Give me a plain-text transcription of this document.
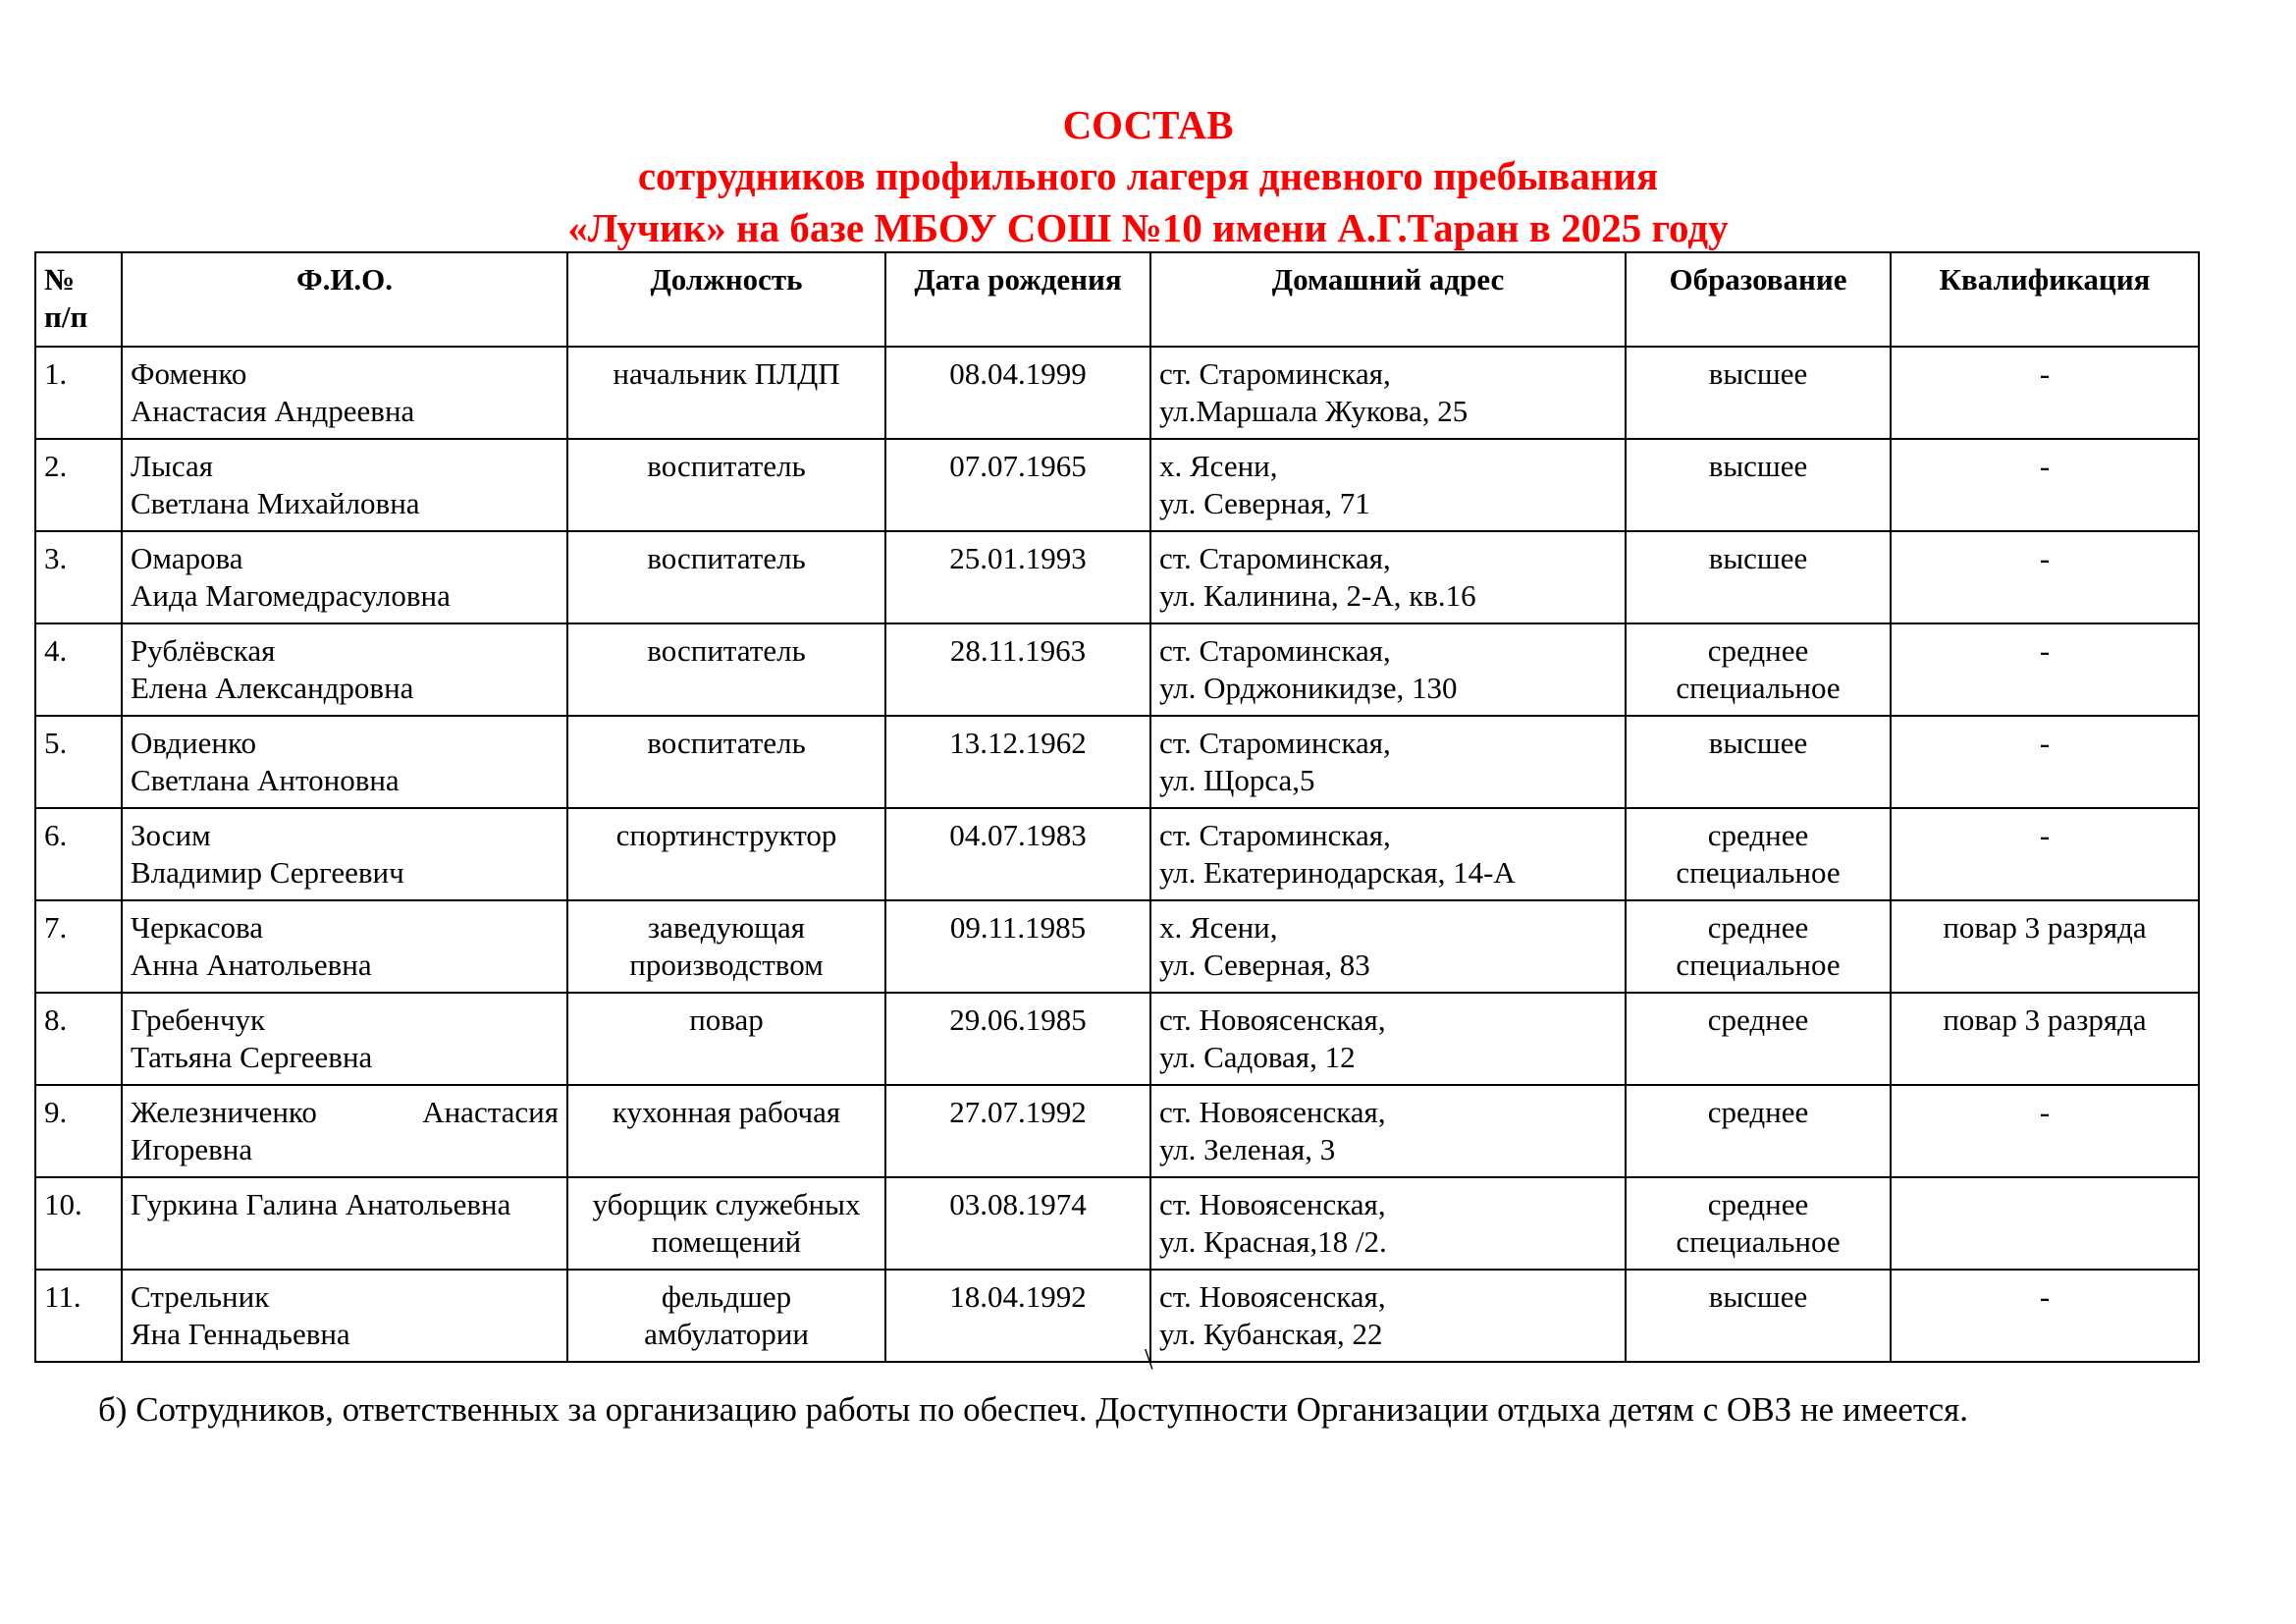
СОСТАВ
сотрудников профильного лагеря дневного пребывания
«Лучик» на базе МБОУ СОШ №10 имени А.Г.Таран в 2025 году
№
п/п	Ф.И.О.	Должность	Дата рождения	Домашний адрес	Образование	Квалификация
1.	Фоменко
Анастасия Андреевна	начальник ПЛДП	08.04.1999	ст. Староминская,
ул.Маршала Жукова, 25	высшее	-
2.	Лысая
Светлана Михайловна	воспитатель	07.07.1965	х. Ясени,
ул. Северная, 71	высшее	-
3.	Омарова
Аида Магомедрасуловна	воспитатель	25.01.1993	ст. Староминская,
ул. Калинина, 2-А, кв.16	высшее	-
4.	Рублёвская
Елена Александровна	воспитатель	28.11.1963	ст. Староминская,
ул. Орджоникидзе, 130	среднее
специальное	-
5.	Овдиенко
Светлана Антоновна	воспитатель	13.12.1962	ст. Староминская,
ул. Щорса,5	высшее	-
6.	Зосим
Владимир Сергеевич	спортинструктор	04.07.1983	ст. Староминская,
ул. Екатеринодарская, 14-А	среднее
специальное	-
7.	Черкасова
Анна Анатольевна	заведующая
производством	09.11.1985	х. Ясени,
ул. Северная, 83	среднее
специальное	повар 3 разряда
8.	Гребенчук
Татьяна Сергеевна	повар	29.06.1985	ст. Новоясенская,
ул. Садовая, 12	среднее	повар 3 разряда
9.	Железниченко Анастасия
Игоревна	кухонная рабочая	27.07.1992	ст. Новоясенская,
ул. Зеленая, 3	среднее	-
10.	Гуркина Галина Анатольевна	уборщик служебных
помещений	03.08.1974	ст. Новоясенская,
ул. Красная,18 /2.	среднее
специальное	

11.	Стрельник
Яна Геннадьевна	фельдшер
амбулатории	18.04.1992	ст. Новоясенская,
ул. Кубанская, 22	высшее	-
\
б) Сотрудников, ответственных за организацию работы по обеспеч. Доступности Организации отдыха детям с ОВЗ не имеется.
